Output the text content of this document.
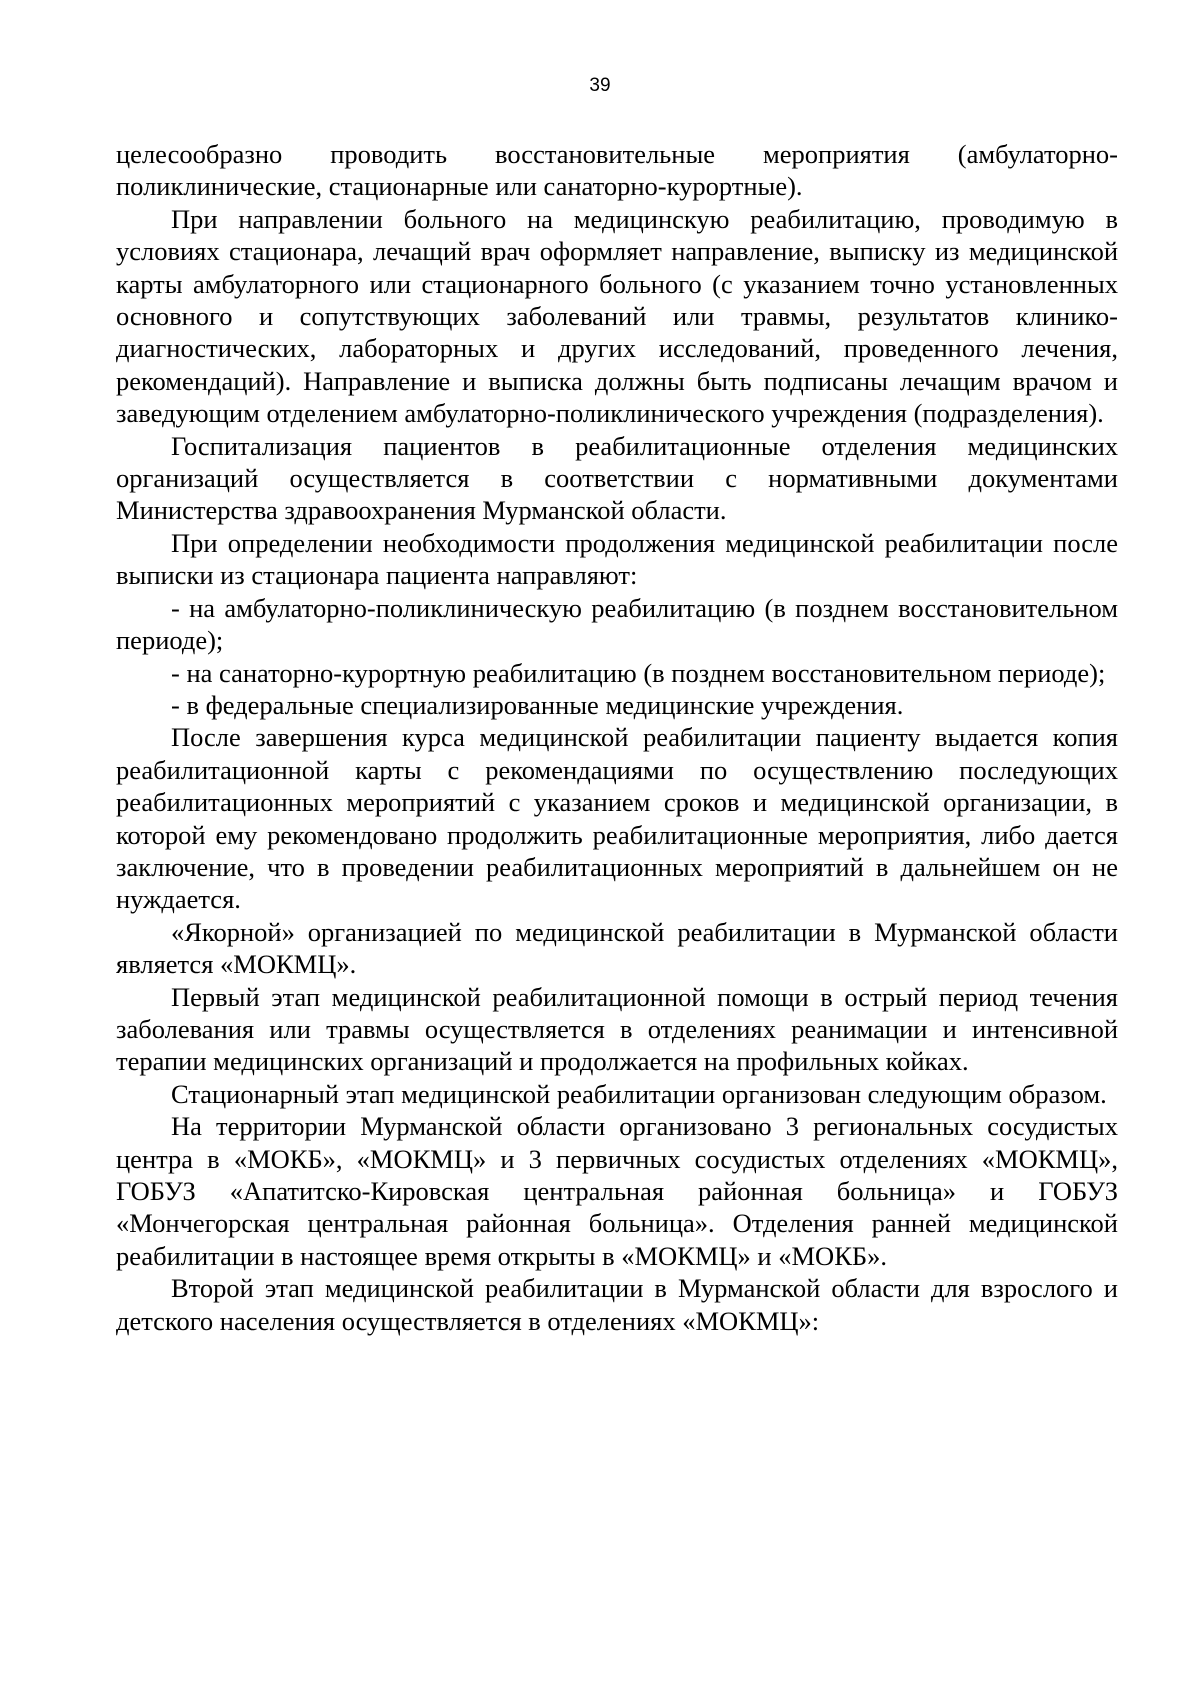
39

целесообразно проводить восстановительные мероприятия (амбулаторно-поликлинические, стационарные или санаторно-курортные).

При направлении больного на медицинскую реабилитацию, проводимую в условиях стационара, лечащий врач оформляет направление, выписку из медицинской карты амбулаторного или стационарного больного (с указанием точно установленных основного и сопутствующих заболеваний или травмы, результатов клинико-диагностических, лабораторных и других исследований, проведенного лечения, рекомендаций). Направление и выписка должны быть подписаны лечащим врачом и заведующим отделением амбулаторно-поликлинического учреждения (подразделения).

Госпитализация пациентов в реабилитационные отделения медицинских организаций осуществляется в соответствии с нормативными документами Министерства здравоохранения Мурманской области.

При определении необходимости продолжения медицинской реабилитации после выписки из стационара пациента направляют:

- на амбулаторно-поликлиническую реабилитацию (в позднем восстановительном периоде);

- на санаторно-курортную реабилитацию (в позднем восстановительном периоде);

- в федеральные специализированные медицинские учреждения.

После завершения курса медицинской реабилитации пациенту выдается копия реабилитационной карты с рекомендациями по осуществлению последующих реабилитационных мероприятий с указанием сроков и медицинской организации, в которой ему рекомендовано продолжить реабилитационные мероприятия, либо дается заключение, что в проведении реабилитационных мероприятий в дальнейшем он не нуждается.

«Якорной» организацией по медицинской реабилитации в Мурманской области является «МОКМЦ».

Первый этап медицинской реабилитационной помощи в острый период течения заболевания или травмы осуществляется в отделениях реанимации и интенсивной терапии медицинских организаций и продолжается на профильных койках.

Стационарный этап медицинской реабилитации организован следующим образом.

На территории Мурманской области организовано 3 региональных сосудистых центра в «МОКБ», «МОКМЦ» и 3 первичных сосудистых отделениях «МОКМЦ», ГОБУЗ «Апатитско-Кировская центральная районная больница» и ГОБУЗ «Мончегорская центральная районная больница». Отделения ранней медицинской реабилитации в настоящее время открыты в «МОКМЦ» и «МОКБ».

Второй этап медицинской реабилитации в Мурманской области для взрослого и детского населения осуществляется в отделениях «МОКМЦ»:
